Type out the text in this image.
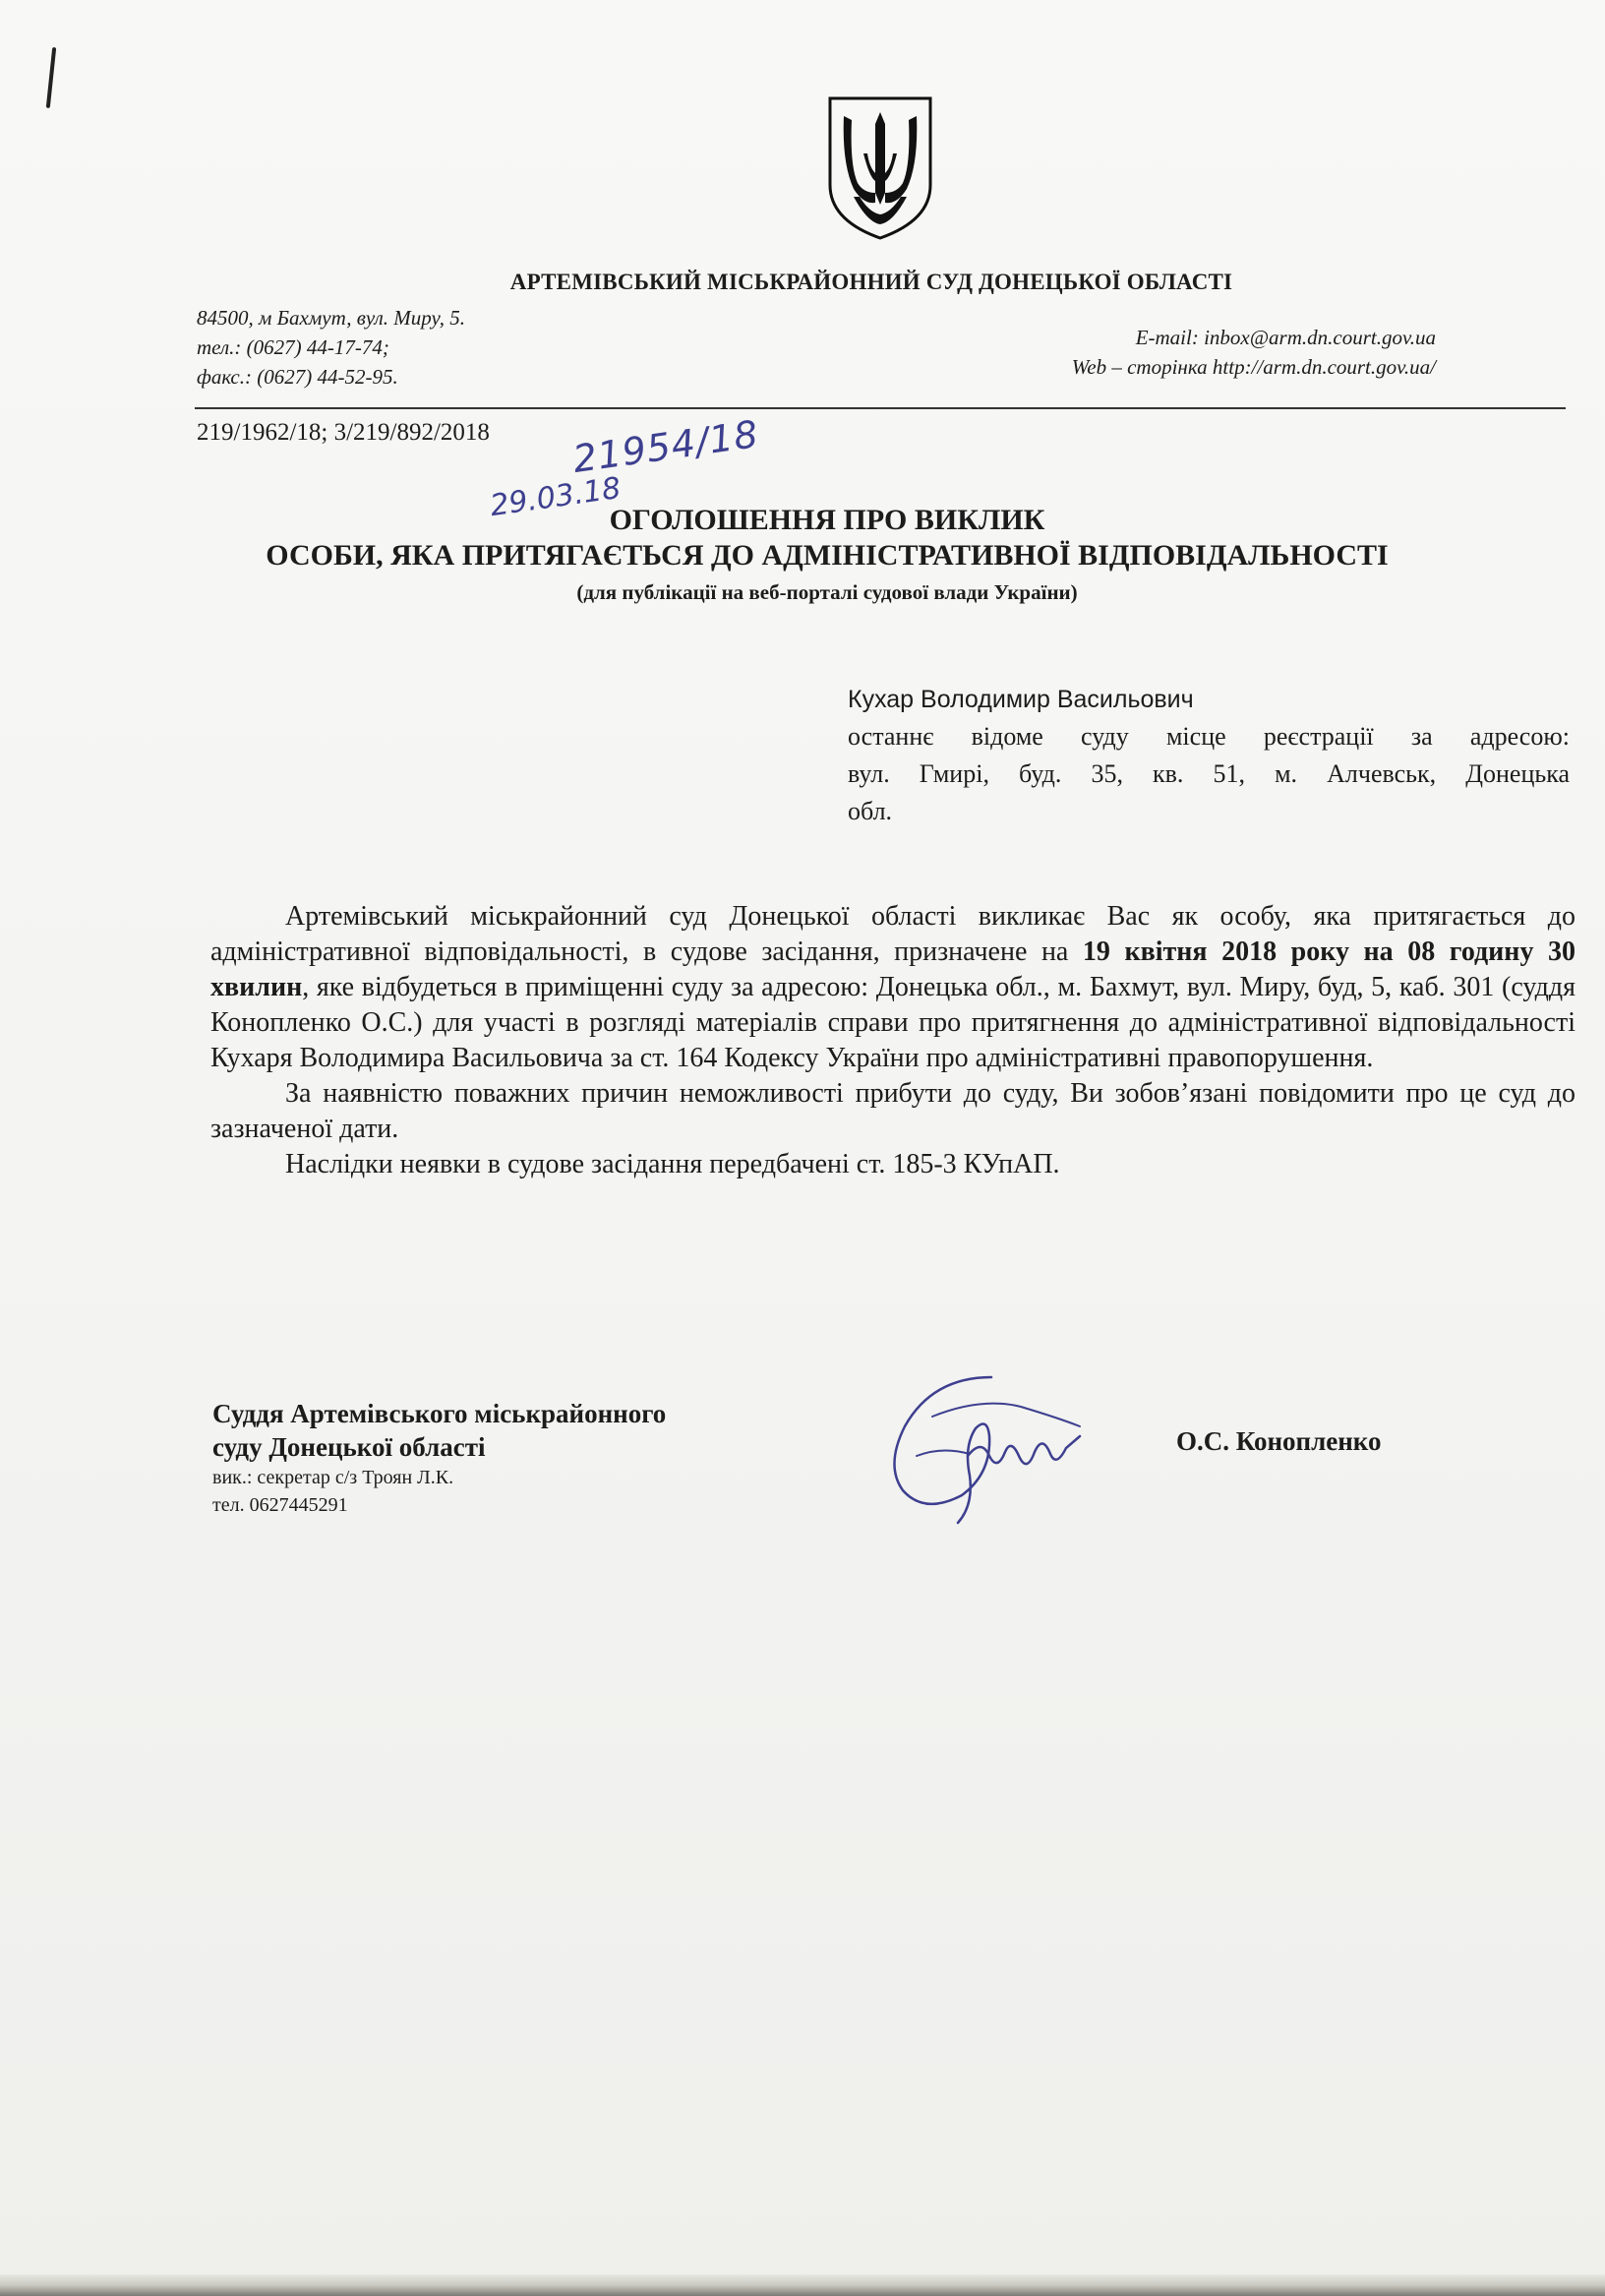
АРТЕМІВСЬКИЙ МІСЬКРАЙОННИЙ СУД ДОНЕЦЬКОЇ ОБЛАСТІ
84500, м Бахмут, вул. Миру, 5.
тел.: (0627) 44-17-74;
факс.: (0627) 44-52-95.
E-mail: inbox@arm.dn.court.gov.ua
Web – сторінка http://arm.dn.court.gov.ua/
219/1962/18; 3/219/892/2018 21954/18
29.03.18
ОГОЛОШЕННЯ ПРО ВИКЛИК
ОСОБИ, ЯКА ПРИТЯГАЄТЬСЯ ДО АДМІНІСТРАТИВНОЇ ВІДПОВІДАЛЬНОСТІ
(для публікації на веб-порталі судової влади України)
Кухар Володимир Васильович
останнє відоме суду місце реєстрації за адресою:
вул. Гмирі, буд. 35, кв. 51, м. Алчевськ, Донецька
обл.

Артемівський міськрайонний суд Донецької області викликає Вас як особу, яка притягається до адміністративної відповідальності, в судове засідання, призначене на 19 квітня 2018 року на 08 годину 30 хвилин, яке відбудеться в приміщенні суду за адресою: Донецька обл., м. Бахмут, вул. Миру, буд, 5, каб. 301 (суддя Конопленко О.С.) для участі в розгляді матеріалів справи про притягнення до адміністративної відповідальності Кухаря Володимира Васильовича за ст. 164 Кодексу України про адміністративні правопорушення.

За наявністю поважних причин неможливості прибути до суду, Ви зобов’язані повідомити про це суд до зазначеної дати.

Наслідки неявки в судове засідання передбачені ст. 185-3 КУпАП.

Суддя Артемівського міськрайонного
суду Донецької області
вик.: секретар с/з Троян Л.К.
тел. 0627445291
О.С. Конопленко
